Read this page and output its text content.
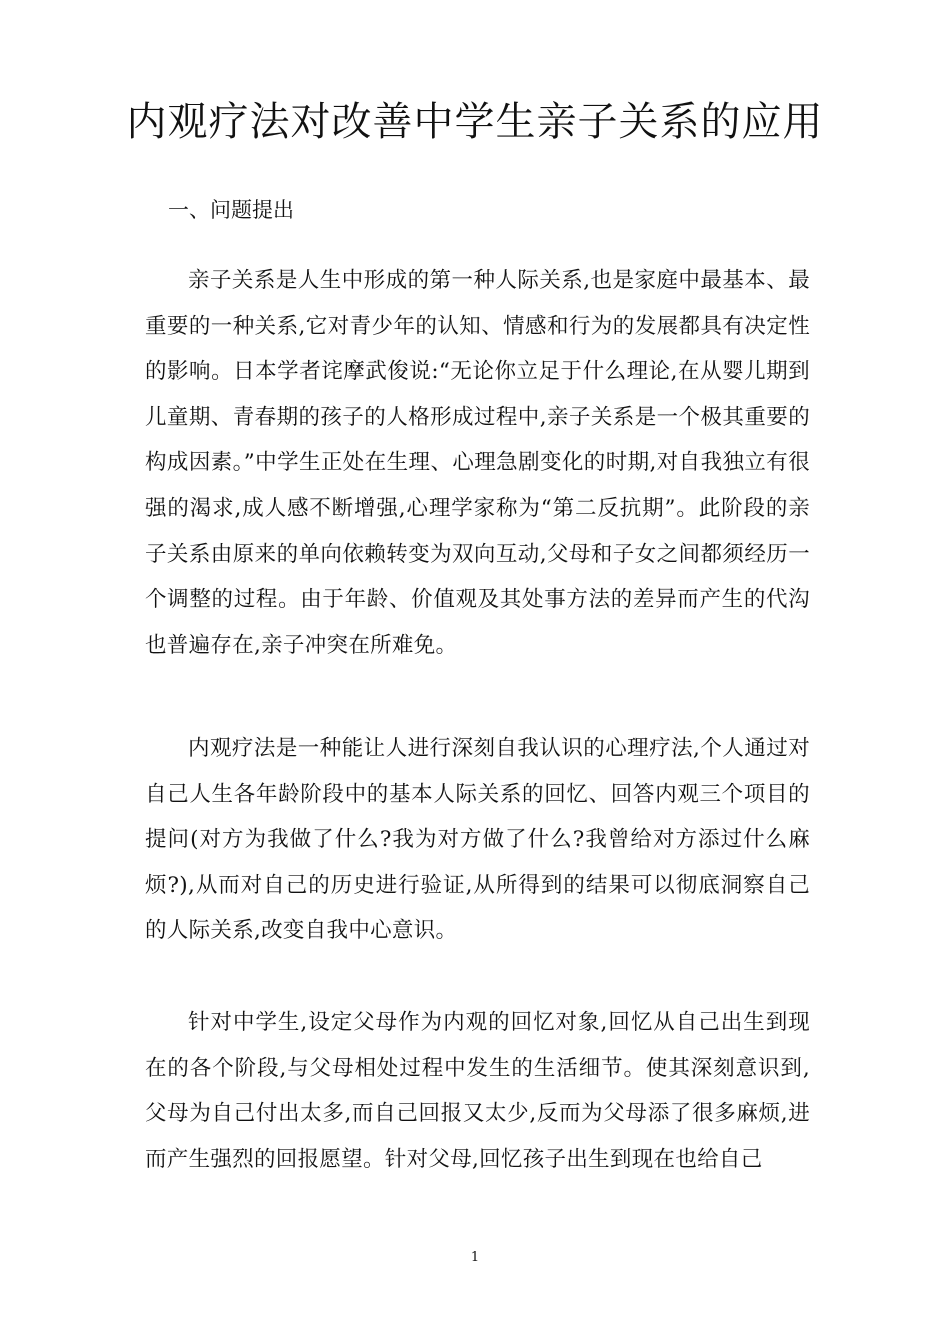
内观疗法对改善中学生亲子关系的应用

一、问题提出

亲子关系是人生中形成的第一种人际关系,也是家庭中最基本、最重要的一种关系,它对青少年的认知、情感和行为的发展都具有决定性的影响。日本学者诧摩武俊说:“无论你立足于什么理论,在从婴儿期到儿童期、青春期的孩子的人格形成过程中,亲子关系是一个极其重要的构成因素。”中学生正处在生理、心理急剧变化的时期,对自我独立有很强的渴求,成人感不断增强,心理学家称为“第二反抗期”。此阶段的亲子关系由原来的单向依赖转变为双向互动,父母和子女之间都须经历一个调整的过程。由于年龄、价值观及其处事方法的差异而产生的代沟也普遍存在,亲子冲突在所难免。

内观疗法是一种能让人进行深刻自我认识的心理疗法,个人通过对自己人生各年龄阶段中的基本人际关系的回忆、回答内观三个项目的提问(对方为我做了什么?我为对方做了什么?我曾给对方添过什么麻烦?),从而对自己的历史进行验证,从所得到的结果可以彻底洞察自己的人际关系,改变自我中心意识。

针对中学生,设定父母作为内观的回忆对象,回忆从自己出生到现在的各个阶段,与父母相处过程中发生的生活细节。使其深刻意识到,父母为自己付出太多,而自己回报又太少,反而为父母添了很多麻烦,进而产生强烈的回报愿望。针对父母,回忆孩子出生到现在也给自己

1
